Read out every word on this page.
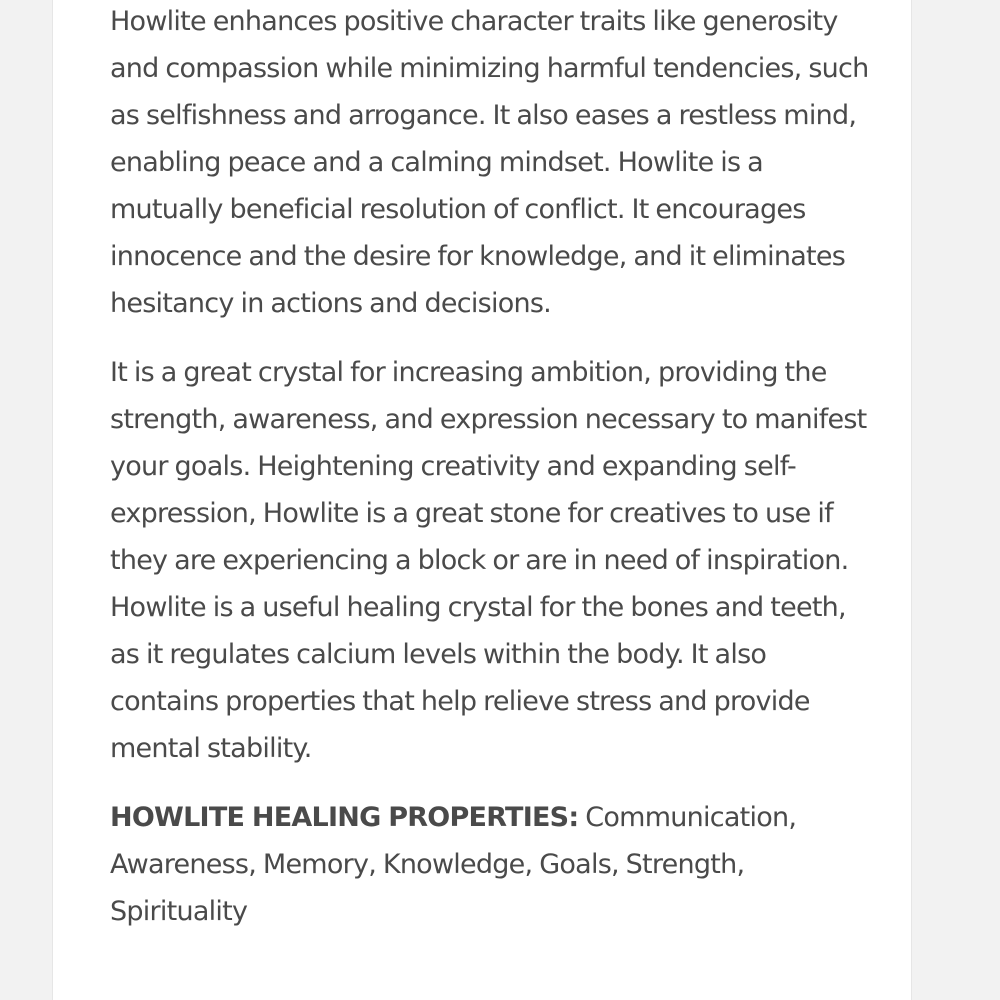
Howlite enhances positive character traits like generosity and compassion while minimizing harmful tendencies, such as selfishness and arrogance. It also eases a restless mind, enabling peace and a calming mindset. Howlite is a mutually beneficial resolution of conflict. It encourages innocence and the desire for knowledge, and it eliminates hesitancy in actions and decisions.

It is a great crystal for increasing ambition, providing the strength, awareness, and expression necessary to manifest your goals. Heightening creativity and expanding self-expression, Howlite is a great stone for creatives to use if they are experiencing a block or are in need of inspiration. Howlite is a useful healing crystal for the bones and teeth, as it regulates calcium levels within the body. It also contains properties that help relieve stress and provide mental stability.

HOWLITE HEALING PROPERTIES: Communication, Awareness, Memory, Knowledge, Goals, Strength, Spirituality
